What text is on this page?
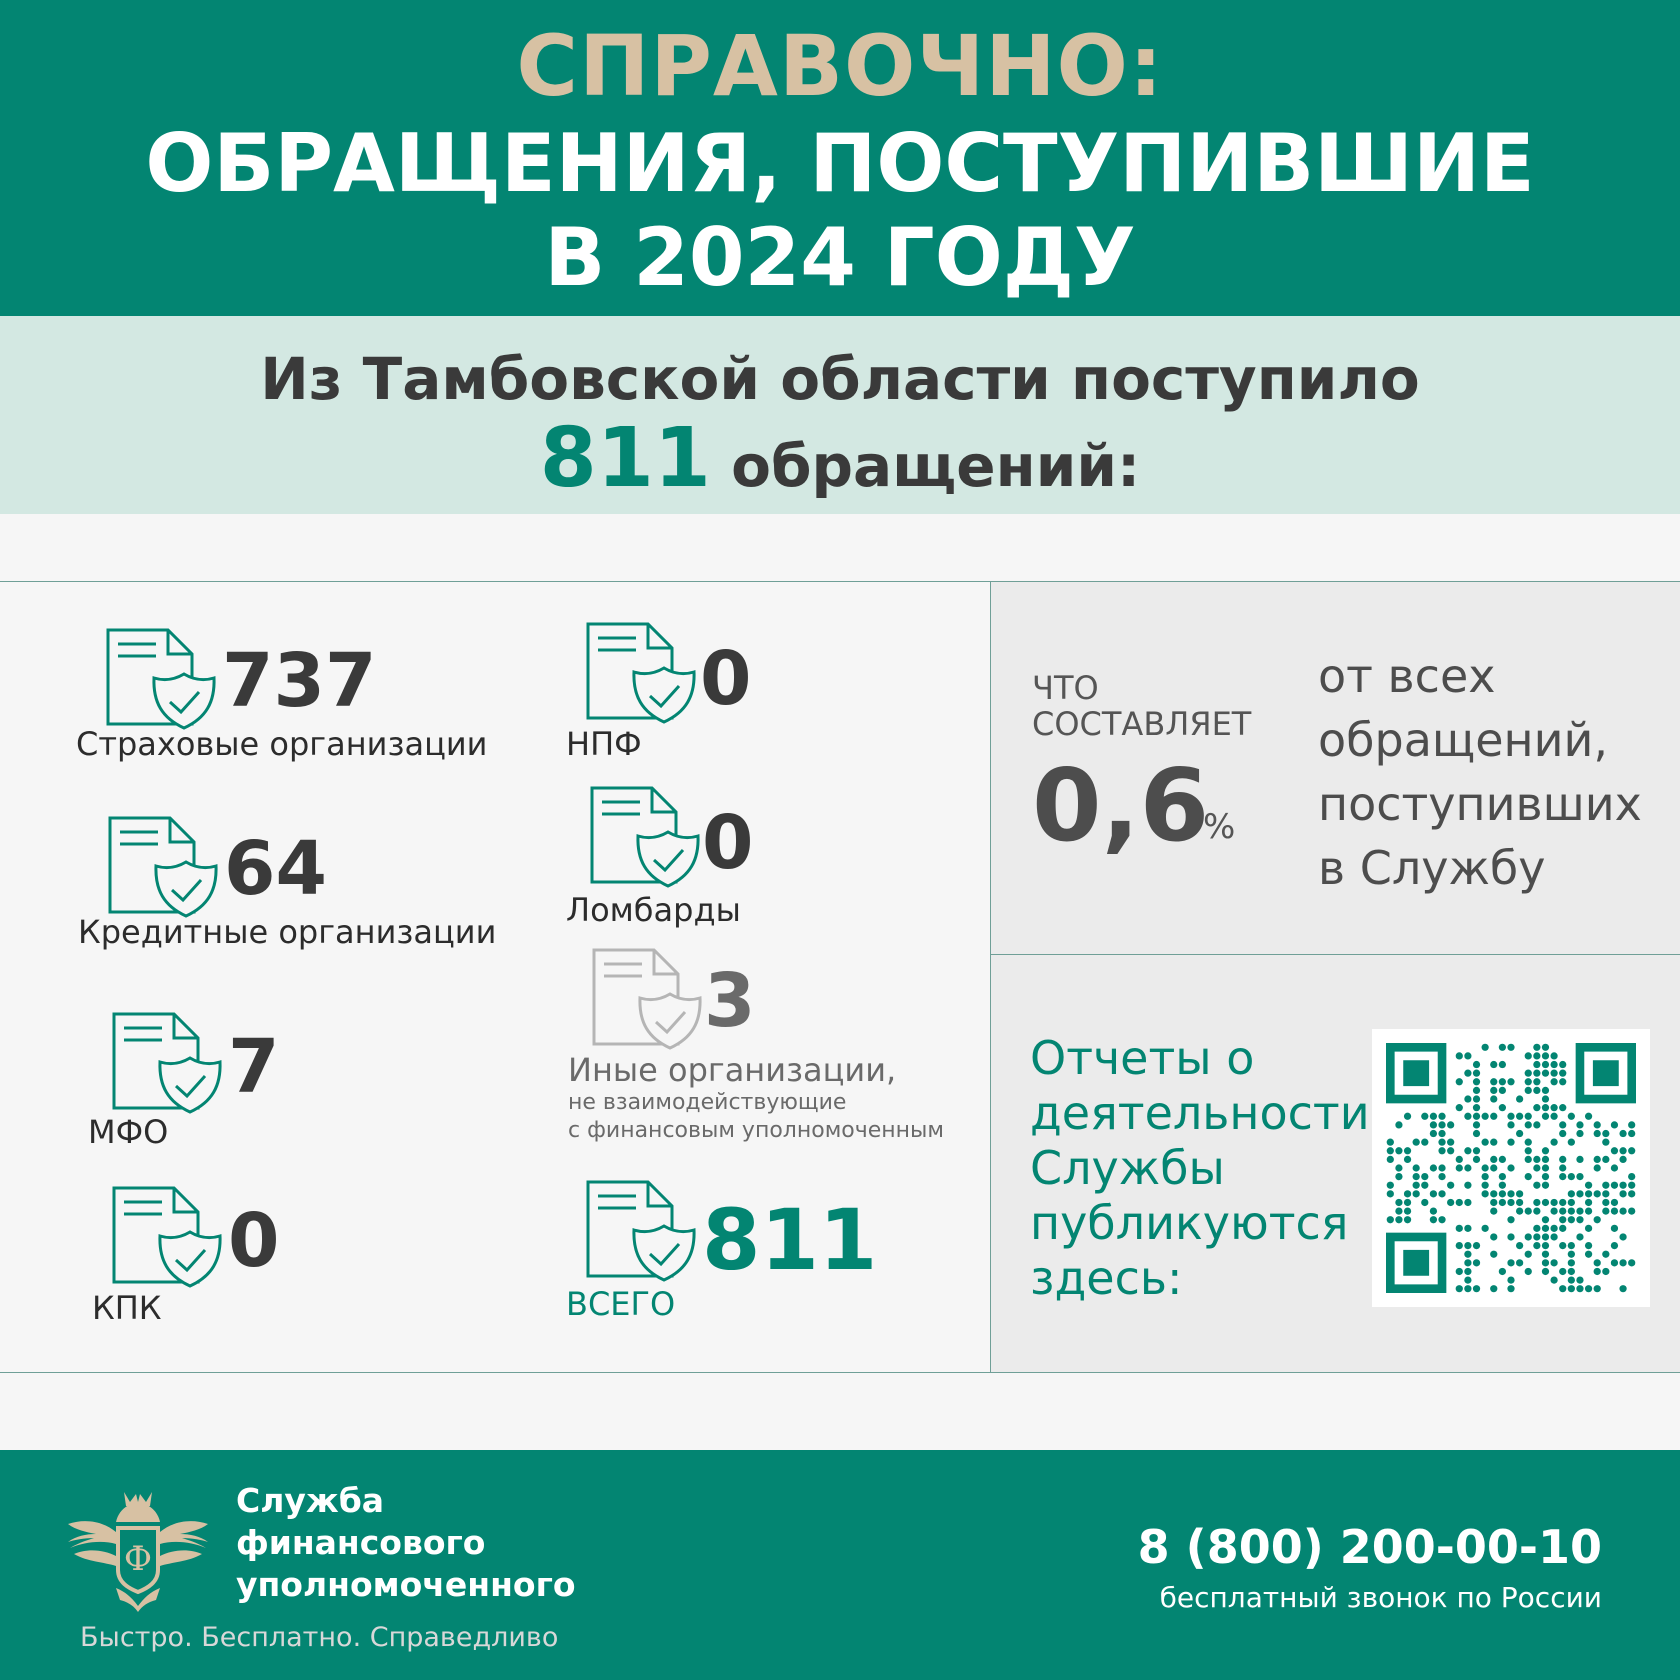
СПРАВОЧНО:
ОБРАЩЕНИЯ, ПОСТУПИВШИЕ
В 2024 ГОДУ
Из Тамбовской области поступило
811 обращений:
737
Страховые организации
64
Кредитные организации
7
МФО
0
КПК
0
НПФ
0
Ломбарды
3
Иные организации,
не взаимодействующие
с финансовым уполномоченным
811
ВСЕГО
ЧТО
СОСТАВЛЯЕТ
0,6
%
от всех
обращений,
поступивших
в Службу
Отчеты о
деятельности
Службы
публикуются
здесь:
Ф
Служба
финансового
уполномоченного
Быстро. Бесплатно. Справедливо
8 (800) 200-00-10
бесплатный звонок по России
